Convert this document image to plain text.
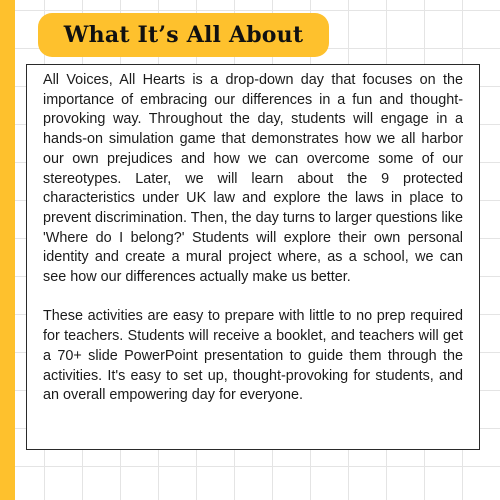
What It’s All About

All Voices, All Hearts is a drop-down day that focuses on the importance of embracing our differences in a fun and thought-provoking way. Throughout the day, students will engage in a hands-on simulation game that demonstrates how we all harbor our own prejudices and how we can overcome some of our stereotypes. Later, we will learn about the 9 protected characteristics under UK law and explore the laws in place to prevent discrimination. Then, the day turns to larger questions like 'Where do I belong?' Students will explore their own personal identity and create a mural project where, as a school, we can see how our differences actually make us better.

These activities are easy to prepare with little to no prep required for teachers. Students will receive a booklet, and teachers will get a 70+ slide PowerPoint presentation to guide them through the activities. It's easy to set up, thought-provoking for students, and an overall empowering day for everyone.
